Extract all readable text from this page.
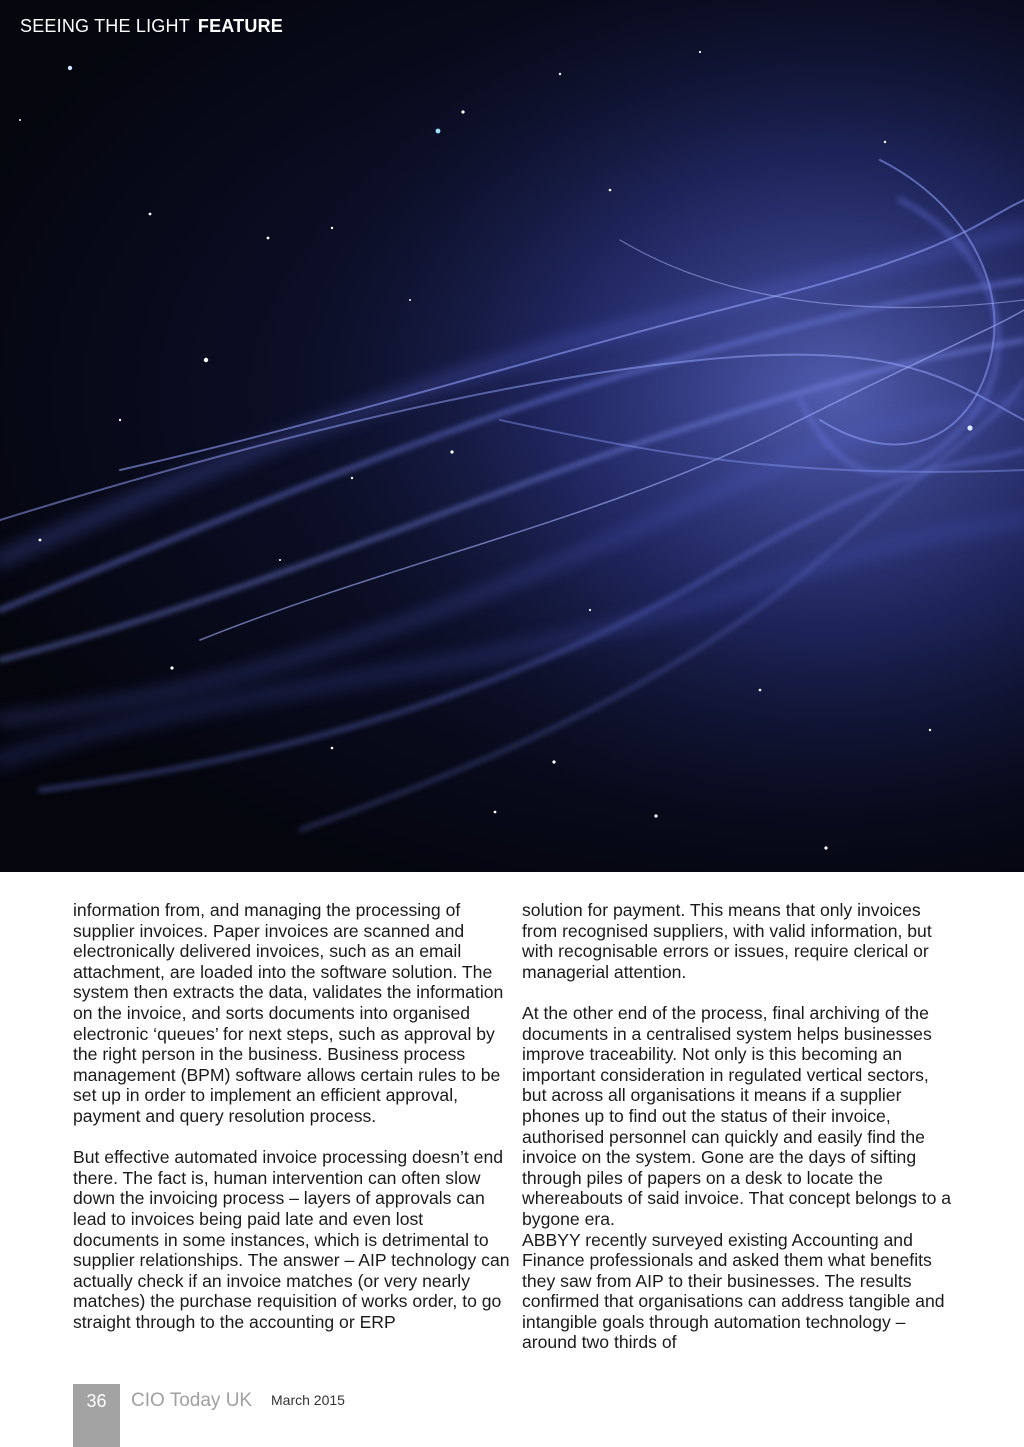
SEEING THE LIGHT FEATURE

information from, and managing the processing of supplier invoices. Paper invoices are scanned and electronically delivered invoices, such as an email attachment, are loaded into the software solution. The system then extracts the data, validates the information on the invoice, and sorts documents into organised electronic ‘queues’ for next steps, such as approval by the right person in the business. Business process management (BPM) software allows certain rules to be set up in order to implement an efficient approval, payment and query resolution process.

But effective automated invoice processing doesn’t end there. The fact is, human intervention can often slow down the invoicing process – layers of approvals can lead to invoices being paid late and even lost documents in some instances, which is detrimental to supplier relationships. The answer – AIP technology can actually check if an invoice matches (or very nearly matches) the purchase requisition of works order, to go straight through to the accounting or ERP

solution for payment. This means that only invoices from recognised suppliers, with valid information, but with recognisable errors or issues, require clerical or managerial attention.

At the other end of the process, final archiving of the documents in a centralised system helps businesses improve traceability. Not only is this becoming an important consideration in regulated vertical sectors, but across all organisations it means if a supplier phones up to find out the status of their invoice, authorised personnel can quickly and easily find the invoice on the system. Gone are the days of sifting through piles of papers on a desk to locate the whereabouts of said invoice. That concept belongs to a bygone era.

ABBYY recently surveyed existing Accounting and Finance professionals and asked them what benefits they saw from AIP to their businesses. The results confirmed that organisations can address tangible and intangible goals through automation technology – around two thirds of

36	CIO Today UK March 2015
